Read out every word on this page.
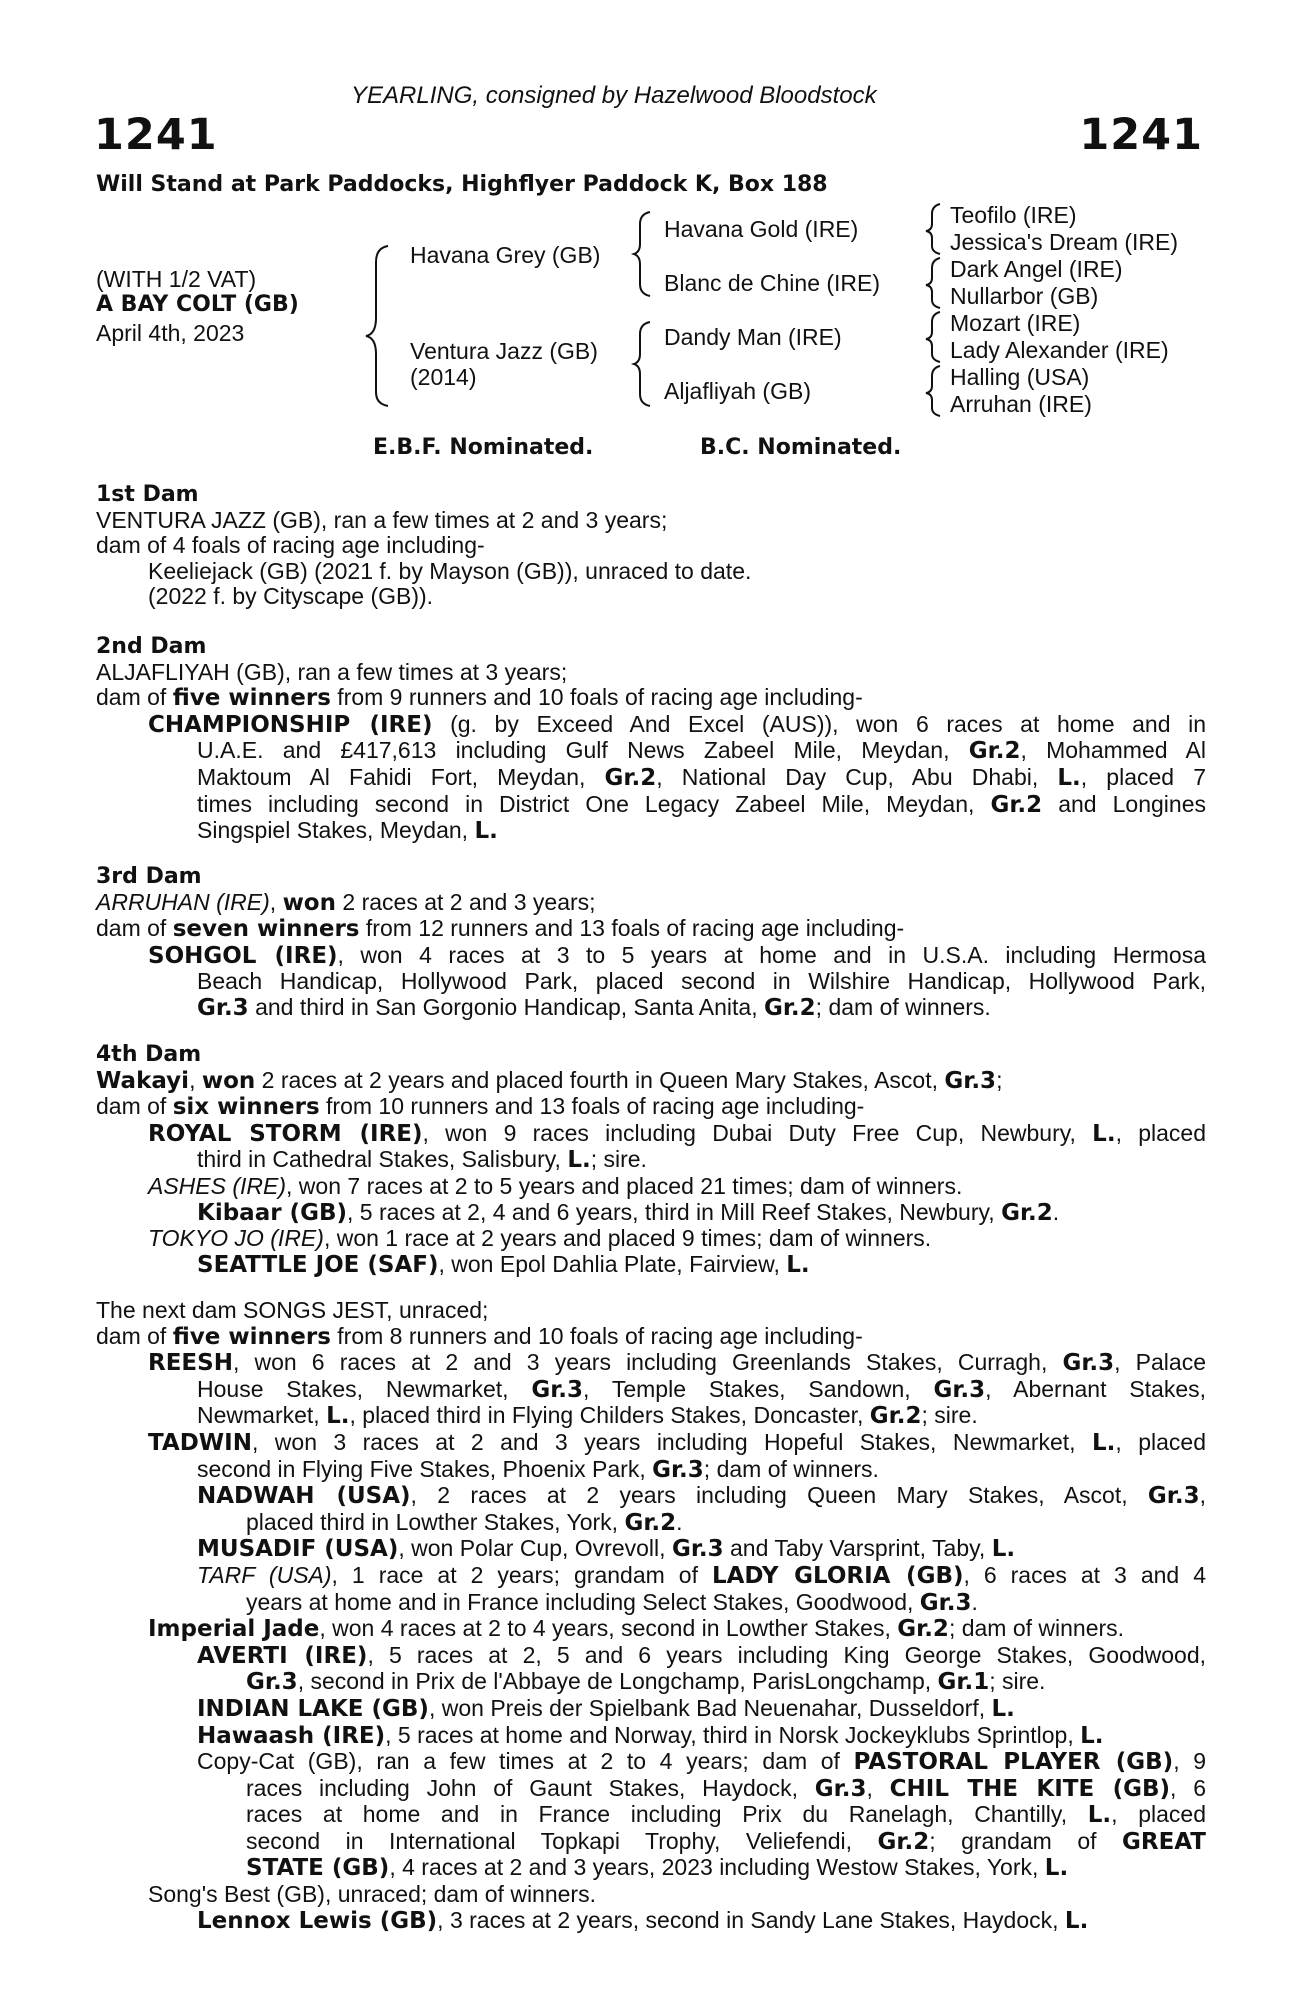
YEARLING, consigned by Hazelwood Bloodstock
1241	1241
Will Stand at Park Paddocks, Highflyer Paddock K, Box 188
(WITH 1/2 VAT)
A BAY COLT (GB)
April 4th, 2023
Havana Grey (GB)
Ventura Jazz (GB)
(2014)
Havana Gold (IRE)
Blanc de Chine (IRE)
Dandy Man (IRE)
Aljafliyah (GB)
Teofilo (IRE)
Jessica's Dream (IRE)
Dark Angel (IRE)
Nullarbor (GB)
Mozart (IRE)
Lady Alexander (IRE)
Halling (USA)
Arruhan (IRE)
E.B.F. Nominated.	B.C. Nominated.
1st Dam
VENTURA JAZZ (GB), ran a few times at 2 and 3 years;
dam of 4 foals of racing age including-
Keeliejack (GB) (2021 f. by Mayson (GB)), unraced to date.
(2022 f. by Cityscape (GB)).
2nd Dam
ALJAFLIYAH (GB), ran a few times at 3 years;
dam of five winners from 9 runners and 10 foals of racing age including-
CHAMPIONSHIP (IRE) (g. by Exceed And Excel (AUS)), won 6 races at home and in
U.A.E. and £417,613 including Gulf News Zabeel Mile, Meydan, Gr.2, Mohammed Al
Maktoum Al Fahidi Fort, Meydan, Gr.2, National Day Cup, Abu Dhabi, L., placed 7
times including second in District One Legacy Zabeel Mile, Meydan, Gr.2 and Longines
Singspiel Stakes, Meydan, L.
3rd Dam
ARRUHAN (IRE), won 2 races at 2 and 3 years;
dam of seven winners from 12 runners and 13 foals of racing age including-
SOHGOL (IRE), won 4 races at 3 to 5 years at home and in U.S.A. including Hermosa
Beach Handicap, Hollywood Park, placed second in Wilshire Handicap, Hollywood Park,
Gr.3 and third in San Gorgonio Handicap, Santa Anita, Gr.2; dam of winners.
4th Dam
Wakayi, won 2 races at 2 years and placed fourth in Queen Mary Stakes, Ascot, Gr.3;
dam of six winners from 10 runners and 13 foals of racing age including-
ROYAL STORM (IRE), won 9 races including Dubai Duty Free Cup, Newbury, L., placed
third in Cathedral Stakes, Salisbury, L.; sire.
ASHES (IRE), won 7 races at 2 to 5 years and placed 21 times; dam of winners.
Kibaar (GB), 5 races at 2, 4 and 6 years, third in Mill Reef Stakes, Newbury, Gr.2.
TOKYO JO (IRE), won 1 race at 2 years and placed 9 times; dam of winners.
SEATTLE JOE (SAF), won Epol Dahlia Plate, Fairview, L.
The next dam SONGS JEST, unraced;
dam of five winners from 8 runners and 10 foals of racing age including-
REESH, won 6 races at 2 and 3 years including Greenlands Stakes, Curragh, Gr.3, Palace
House Stakes, Newmarket, Gr.3, Temple Stakes, Sandown, Gr.3, Abernant Stakes,
Newmarket, L., placed third in Flying Childers Stakes, Doncaster, Gr.2; sire.
TADWIN, won 3 races at 2 and 3 years including Hopeful Stakes, Newmarket, L., placed
second in Flying Five Stakes, Phoenix Park, Gr.3; dam of winners.
NADWAH (USA), 2 races at 2 years including Queen Mary Stakes, Ascot, Gr.3,
placed third in Lowther Stakes, York, Gr.2.
MUSADIF (USA), won Polar Cup, Ovrevoll, Gr.3 and Taby Varsprint, Taby, L.
TARF (USA), 1 race at 2 years; grandam of LADY GLORIA (GB), 6 races at 3 and 4
years at home and in France including Select Stakes, Goodwood, Gr.3.
Imperial Jade, won 4 races at 2 to 4 years, second in Lowther Stakes, Gr.2; dam of winners.
AVERTI (IRE), 5 races at 2, 5 and 6 years including King George Stakes, Goodwood,
Gr.3, second in Prix de l'Abbaye de Longchamp, ParisLongchamp, Gr.1; sire.
INDIAN LAKE (GB), won Preis der Spielbank Bad Neuenahar, Dusseldorf, L.
Hawaash (IRE), 5 races at home and Norway, third in Norsk Jockeyklubs Sprintlop, L.
Copy-Cat (GB), ran a few times at 2 to 4 years; dam of PASTORAL PLAYER (GB), 9
races including John of Gaunt Stakes, Haydock, Gr.3, CHIL THE KITE (GB), 6
races at home and in France including Prix du Ranelagh, Chantilly, L., placed
second in International Topkapi Trophy, Veliefendi, Gr.2; grandam of GREAT
STATE (GB), 4 races at 2 and 3 years, 2023 including Westow Stakes, York, L.
Song's Best (GB), unraced; dam of winners.
Lennox Lewis (GB), 3 races at 2 years, second in Sandy Lane Stakes, Haydock, L.
